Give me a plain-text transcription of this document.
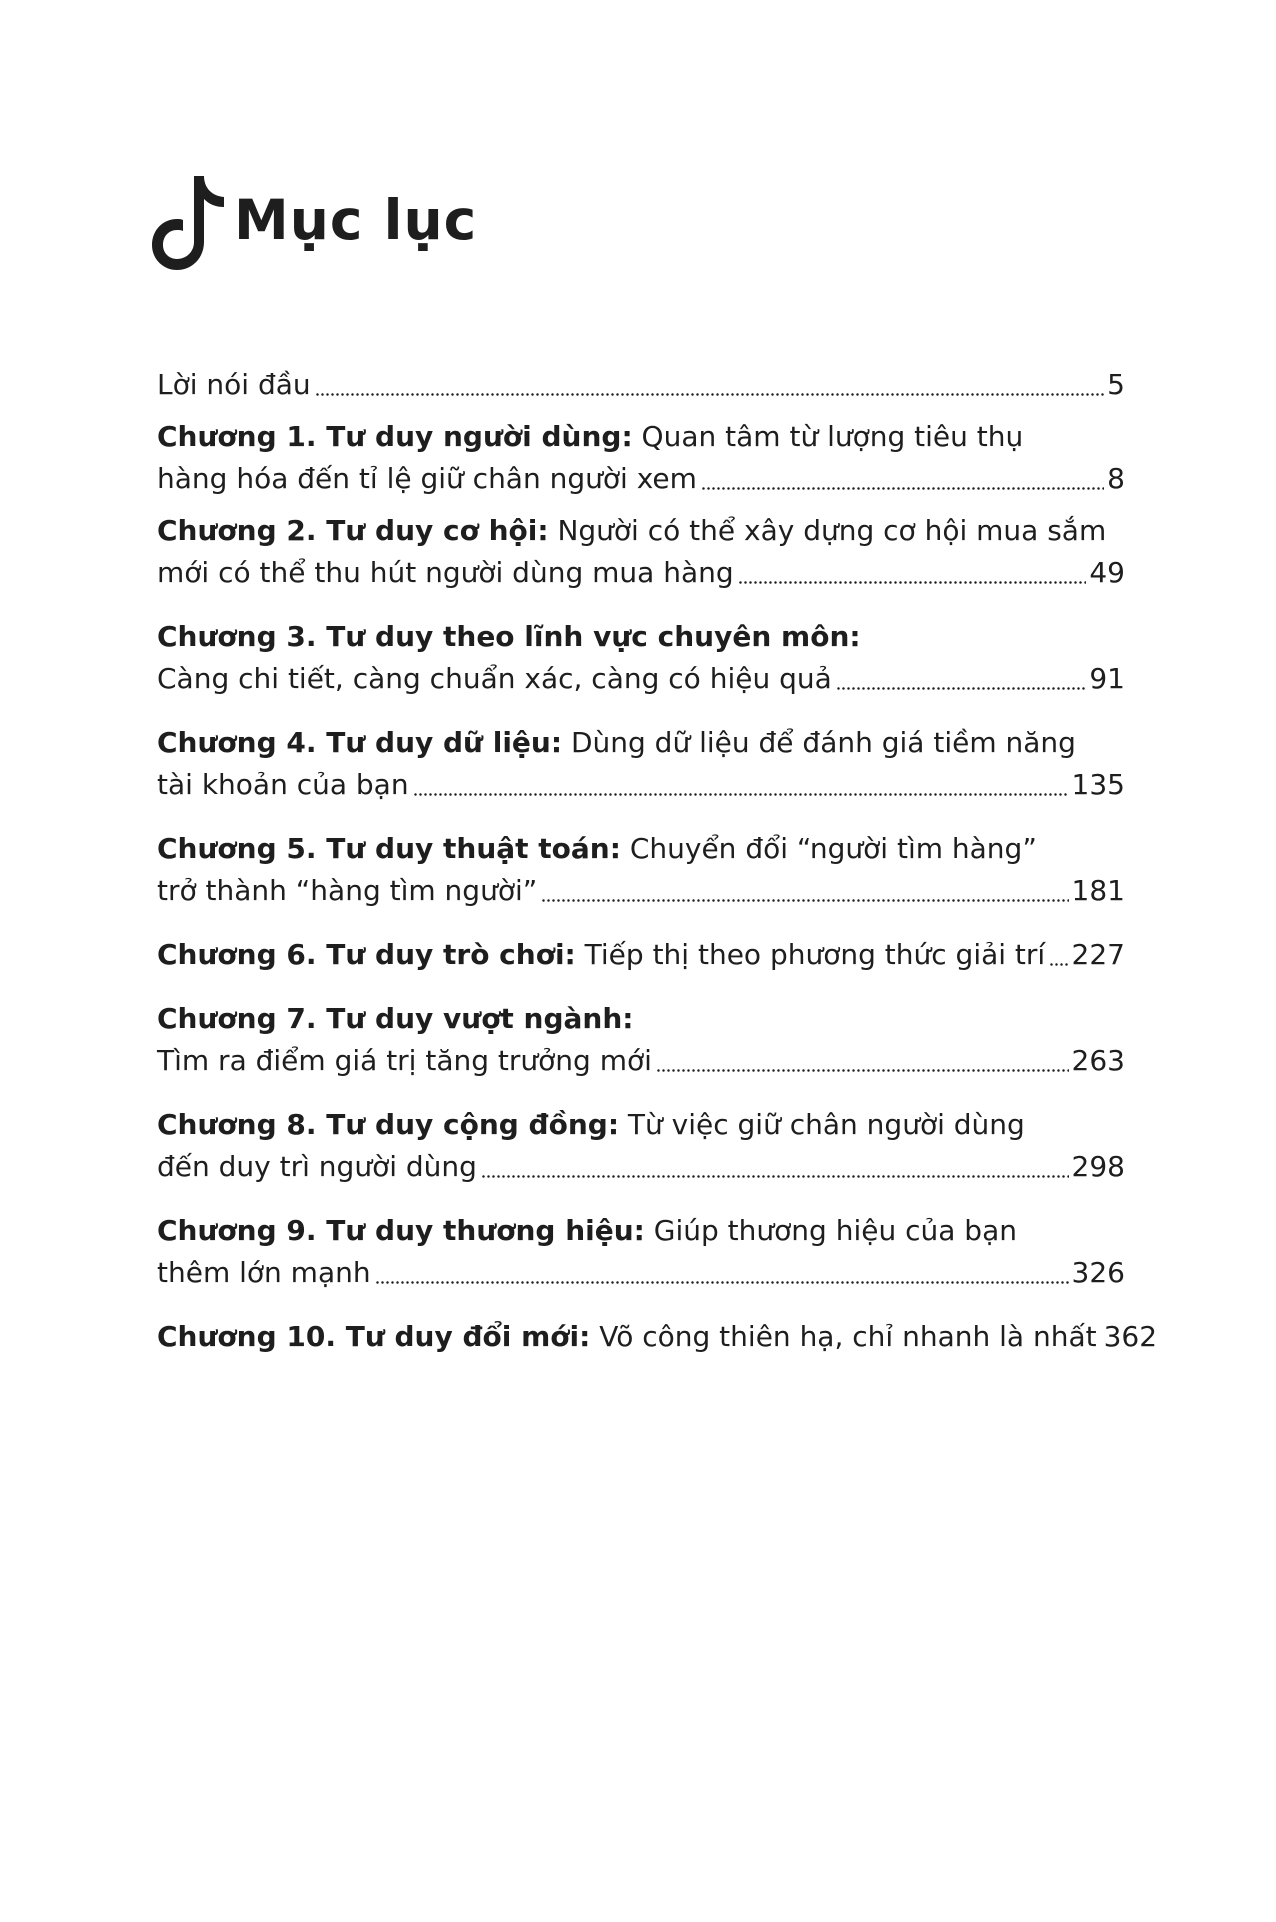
Mục lục
Lời nói đầu	5
Chương 1. Tư duy người dùng: Quan tâm từ lượng tiêu thụ
hàng hóa đến tỉ lệ giữ chân người xem	8
Chương 2. Tư duy cơ hội: Người có thể xây dựng cơ hội mua sắm
mới có thể thu hút người dùng mua hàng	49
Chương 3. Tư duy theo lĩnh vực chuyên môn:
Càng chi tiết, càng chuẩn xác, càng có hiệu quả	91
Chương 4. Tư duy dữ liệu: Dùng dữ liệu để đánh giá tiềm năng
tài khoản của bạn	135
Chương 5. Tư duy thuật toán: Chuyển đổi “người tìm hàng”
trở thành “hàng tìm người”	181
Chương 6. Tư duy trò chơi: Tiếp thị theo phương thức giải trí 227
Chương 7. Tư duy vượt ngành:
Tìm ra điểm giá trị tăng trưởng mới	263
Chương 8. Tư duy cộng đồng: Từ việc giữ chân người dùng
đến duy trì người dùng	298
Chương 9. Tư duy thương hiệu: Giúp thương hiệu của bạn
thêm lớn mạnh	326
Chương 10. Tư duy đổi mới: Võ công thiên hạ, chỉ nhanh là nhất 362
